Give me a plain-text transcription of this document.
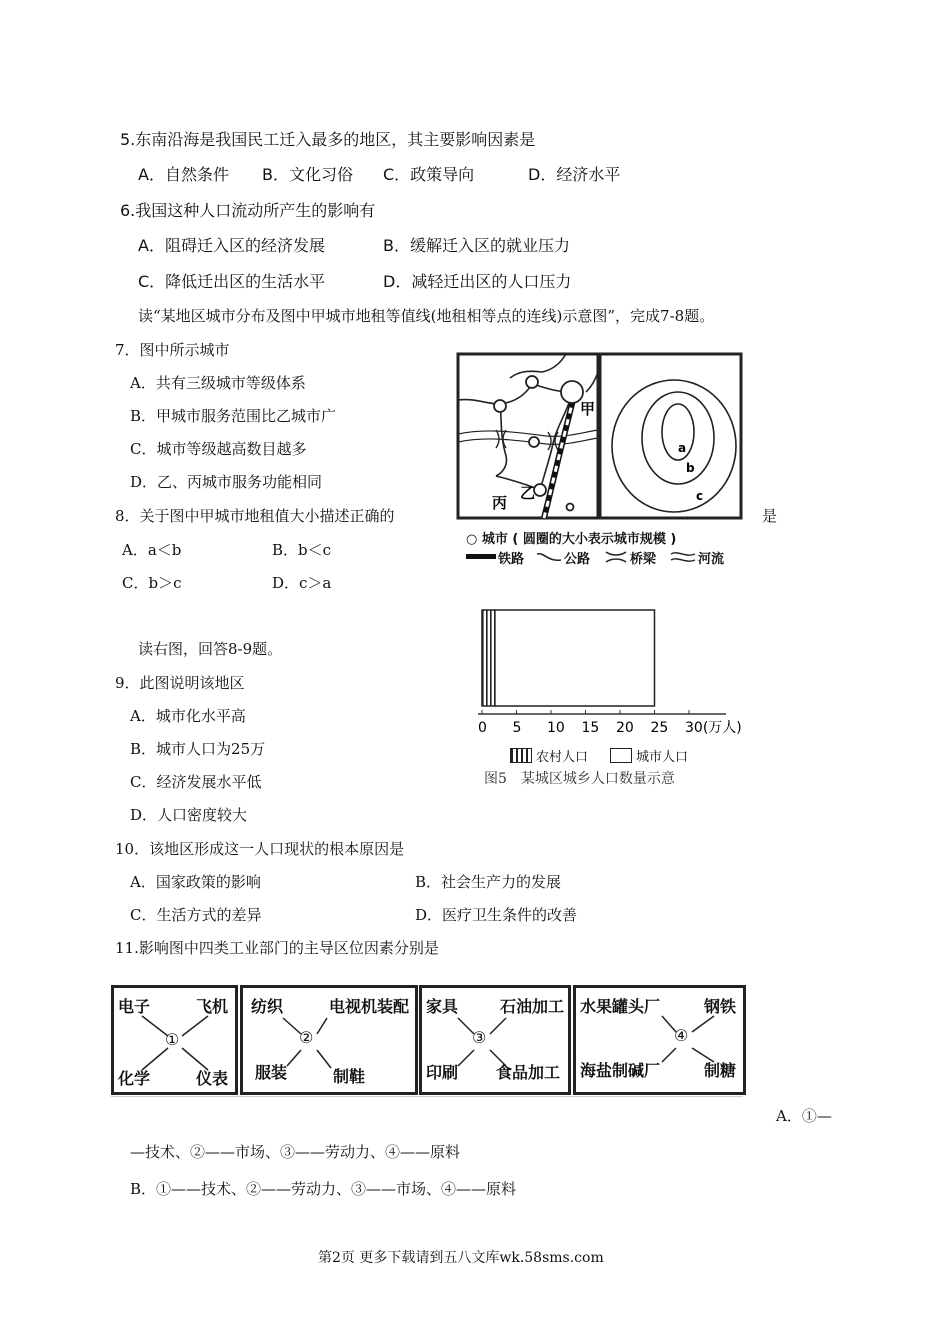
5.东南沿海是我国民工迁入最多的地区，其主要影响因素是
A．自然条件 B．文化习俗 C．政策导向	D．经济水平
6.我国这种人口流动所产生的影响有
A．阻碍迁入区的经济发展	B．缓解迁入区的就业压力
C．降低迁出区的生活水平	D．减轻迁出区的人口压力
读“某地区城市分布及图中甲城市地租等值线(地租相等点的连线)示意图”，完成7-8题。
7．图中所示城市
A．共有三级城市等级体系
B．甲城市服务范围比乙城市广
C．城市等级越高数目越多
D．乙、丙城市服务功能相同
8．关于图中甲城市地租值大小描述正确的	是
A．a＜b	B．b＜c
C．b＞c	D．c＞a
甲
乙
丙
a
b
c
○ 城市 ( 圆圈的大小表示城市规模 )
铁路	公路	桥梁	河流
读右图，回答8-9题。
0 5 10 15 20 25 30(万人)
农村人口	城市人口
图5　某城区城乡人口数量示意
9．此图说明该地区
A．城市化水平高
B．城市人口为25万
C．经济发展水平低
D．人口密度较大
10．该地区形成这一人口现状的根本原因是
A．国家政策的影响	B．社会生产力的发展
C．生活方式的差异	D．医疗卫生条件的改善
11.影响图中四类工业部门的主导区位因素分别是
电子	飞机
①
化学	仪表
纺织	电视机装配
②
服装	制鞋
家具	石油加工
③
印刷 食品加工
水果罐头厂	钢铁
④
海盐制碱厂	制糖
A．①—
—技术、②——市场、③——劳动力、④——原料
B．①——技术、②——劳动力、③——市场、④——原料
第2页 更多下载请到五八文库wk.58sms.com
